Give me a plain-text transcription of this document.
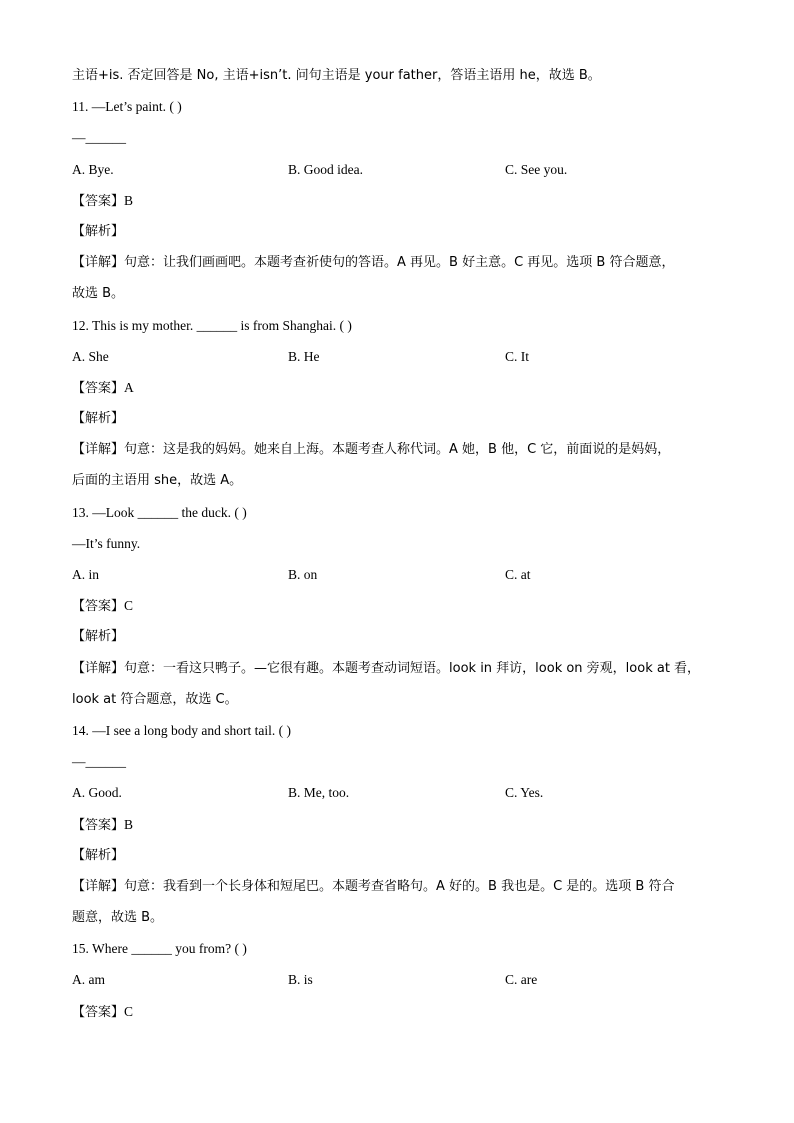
主语+is. 否定回答是 No, 主语+isn’t. 问句主语是 your father，答语主语用 he，故选 B。
11. —Let’s paint. ( )
—______
A. Bye.	B. Good idea.	C. See you.
【答案】B
【解析】
【详解】句意：让我们画画吧。本题考查祈使句的答语。A 再见。B 好主意。C 再见。选项 B 符合题意，
故选 B。
12. This is my mother. ______ is from Shanghai. ( )
A. She	B. He	C. It
【答案】A
【解析】
【详解】句意：这是我的妈妈。她来自上海。本题考查人称代词。A 她，B 他，C 它，前面说的是妈妈，
后面的主语用 she，故选 A。
13. —Look ______ the duck. ( )
—It’s funny.
A. in	B. on	C. at
【答案】C
【解析】
【详解】句意：一看这只鸭子。—它很有趣。本题考查动词短语。look in 拜访，look on 旁观，look at 看，
look at 符合题意，故选 C。
14. —I see a long body and short tail. ( )
—______
A. Good.	B. Me, too.	C. Yes.
【答案】B
【解析】
【详解】句意：我看到一个长身体和短尾巴。本题考查省略句。A 好的。B 我也是。C 是的。选项 B 符合
题意，故选 B。
15. Where ______ you from? ( )
A. am	B. is	C. are
【答案】C
